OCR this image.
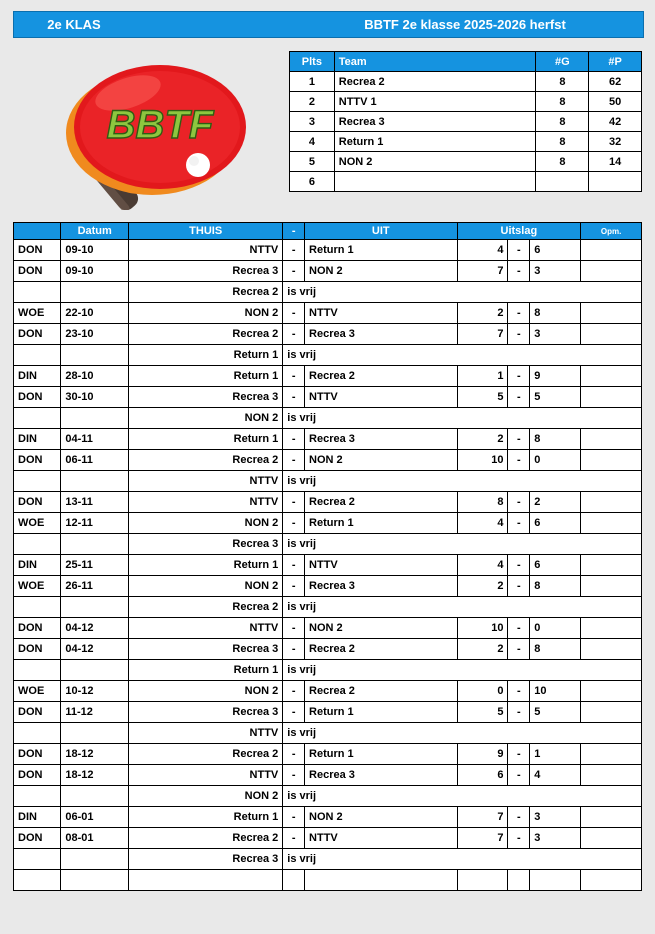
2e KLAS	BBTF 2e klasse 2025-2026 herfst
BBTF
Plts	Team	#G	#P
1	Recrea 2	8	62
2	NTTV 1	8	50
3	Recrea 3	8	42
4	Return 1	8	32
5	NON 2	8	14
6			
	Datum	THUIS	-	UIT	Uitslag			Opm.
DON	09-10	NTTV	-	Return 1	4	-	6	
DON	09-10	Recrea 3	-	NON 2	7	-	3	
		Recrea 2	is vrij					
WOE	22-10	NON 2	-	NTTV	2	-	8	
DON	23-10	Recrea 2	-	Recrea 3	7	-	3	
		Return 1	is vrij					
DIN	28-10	Return 1	-	Recrea 2	1	-	9	
DON	30-10	Recrea 3	-	NTTV	5	-	5	
		NON 2	is vrij					
DIN	04-11	Return 1	-	Recrea 3	2	-	8	
DON	06-11	Recrea 2	-	NON 2	10	-	0	
		NTTV	is vrij					
DON	13-11	NTTV	-	Recrea 2	8	-	2	
WOE	12-11	NON 2	-	Return 1	4	-	6	
		Recrea 3	is vrij					
DIN	25-11	Return 1	-	NTTV	4	-	6	
WOE	26-11	NON 2	-	Recrea 3	2	-	8	
		Recrea 2	is vrij					
DON	04-12	NTTV	-	NON 2	10	-	0	
DON	04-12	Recrea 3	-	Recrea 2	2	-	8	
		Return 1	is vrij					
WOE	10-12	NON 2	-	Recrea 2	0	-	10	
DON	11-12	Recrea 3	-	Return 1	5	-	5	
		NTTV	is vrij					
DON	18-12	Recrea 2	-	Return 1	9	-	1	
DON	18-12	NTTV	-	Recrea 3	6	-	4	
		NON 2	is vrij					
DIN	06-01	Return 1	-	NON 2	7	-	3	
DON	08-01	Recrea 2	-	NTTV	7	-	3	
		Recrea 3	is vrij					
